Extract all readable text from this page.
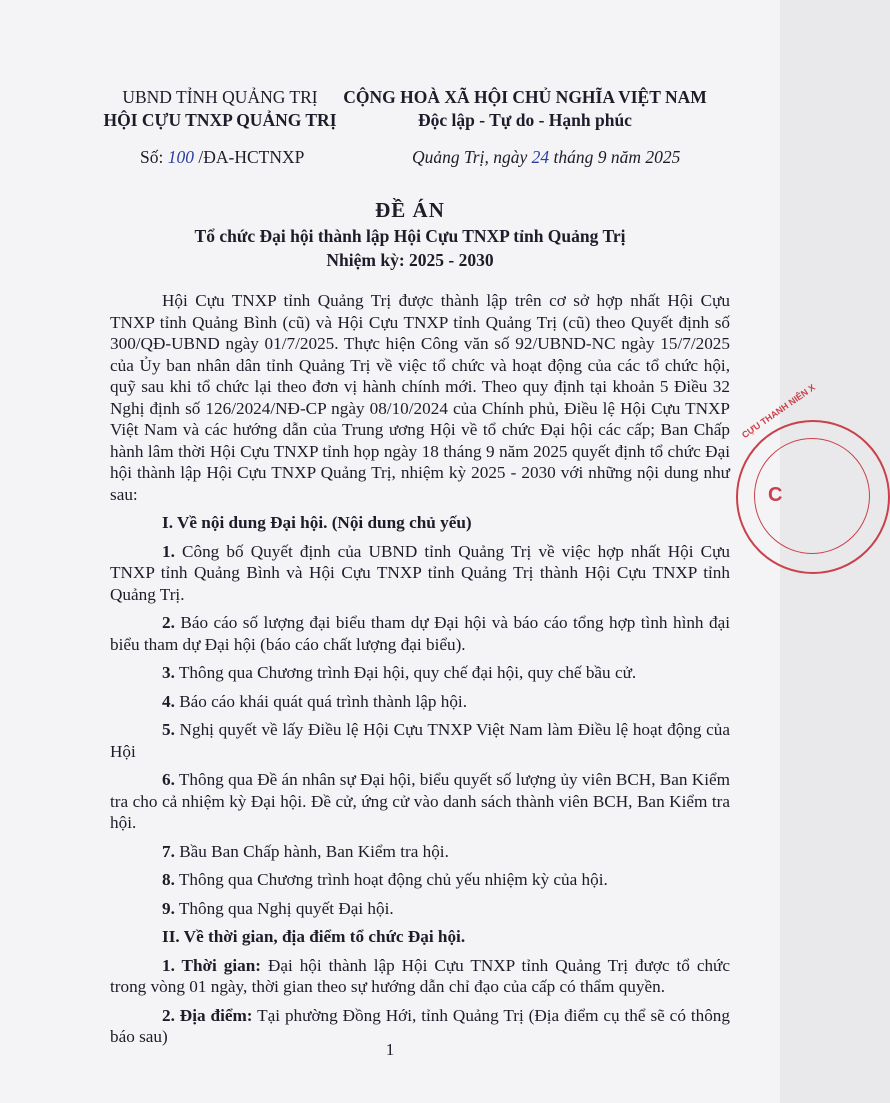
UBND TỈNH QUẢNG TRỊ
HỘI CỰU TNXP QUẢNG TRỊ
CỘNG HOÀ XÃ HỘI CHỦ NGHĨA VIỆT NAM
Độc lập - Tự do - Hạnh phúc
Số: 100 /ĐA-HCTNXP	Quảng Trị, ngày 24 tháng 9 năm 2025
ĐỀ ÁN
Tổ chức Đại hội thành lập Hội Cựu TNXP tỉnh Quảng Trị
Nhiệm kỳ: 2025 - 2030

Hội Cựu TNXP tỉnh Quảng Trị được thành lập trên cơ sở hợp nhất Hội Cựu TNXP tỉnh Quảng Bình (cũ) và Hội Cựu TNXP tỉnh Quảng Trị (cũ) theo Quyết định số 300/QĐ-UBND ngày 01/7/2025. Thực hiện Công văn số 92/UBND-NC ngày 15/7/2025 của Ủy ban nhân dân tỉnh Quảng Trị về việc tổ chức và hoạt động của các tổ chức hội, quỹ sau khi tổ chức lại theo đơn vị hành chính mới. Theo quy định tại khoản 5 Điều 32 Nghị định số 126/2024/NĐ-CP ngày 08/10/2024 của Chính phủ, Điều lệ Hội Cựu TNXP Việt Nam và các hướng dẫn của Trung ương Hội về tổ chức Đại hội các cấp; Ban Chấp hành lâm thời Hội Cựu TNXP tỉnh họp ngày 18 tháng 9 năm 2025 quyết định tổ chức Đại hội thành lập Hội Cựu TNXP Quảng Trị, nhiệm kỳ 2025 - 2030 với những nội dung như sau:

I. Về nội dung Đại hội. (Nội dung chủ yếu)

1. Công bố Quyết định của UBND tỉnh Quảng Trị về việc hợp nhất Hội Cựu TNXP tỉnh Quảng Bình và Hội Cựu TNXP tỉnh Quảng Trị thành Hội Cựu TNXP tỉnh Quảng Trị.

2. Báo cáo số lượng đại biểu tham dự Đại hội và báo cáo tổng hợp tình hình đại biểu tham dự Đại hội (báo cáo chất lượng đại biểu).

3. Thông qua Chương trình Đại hội, quy chế đại hội, quy chế bầu cử.

4. Báo cáo khái quát quá trình thành lập hội.

5. Nghị quyết về lấy Điều lệ Hội Cựu TNXP Việt Nam làm Điều lệ hoạt động của Hội

6. Thông qua Đề án nhân sự Đại hội, biểu quyết số lượng ủy viên BCH, Ban Kiểm tra cho cả nhiệm kỳ Đại hội. Đề cử, ứng cử vào danh sách thành viên BCH, Ban Kiểm tra hội.

7. Bầu Ban Chấp hành, Ban Kiểm tra hội.

8. Thông qua Chương trình hoạt động chủ yếu nhiệm kỳ của hội.

9. Thông qua Nghị quyết Đại hội.

II. Về thời gian, địa điểm tổ chức Đại hội.

1. Thời gian: Đại hội thành lập Hội Cựu TNXP tỉnh Quảng Trị được tổ chức trong vòng 01 ngày, thời gian theo sự hướng dẫn chỉ đạo của cấp có thẩm quyền.

2. Địa điểm: Tại phường Đồng Hới, tỉnh Quảng Trị (Địa điểm cụ thể sẽ có thông báo sau)

1
CỰU THANH NIÊN X
C
